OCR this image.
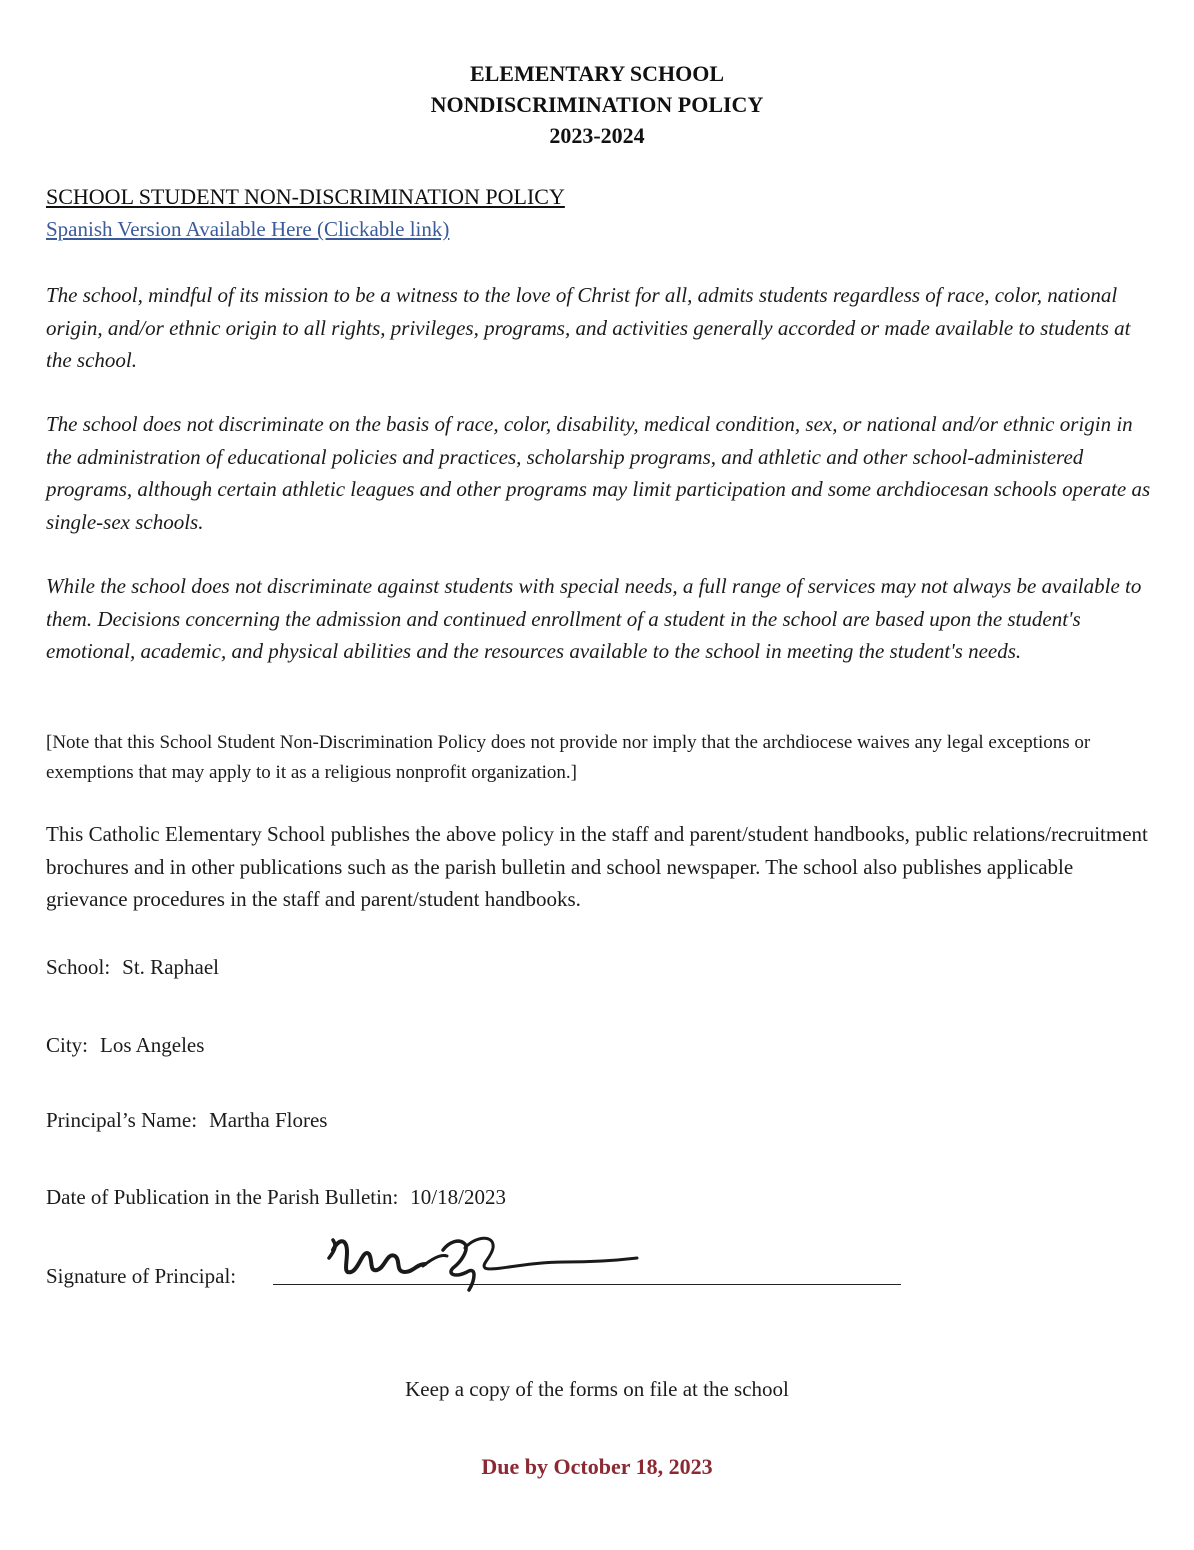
ELEMENTARY SCHOOL
NONDISCRIMINATION POLICY
2023-2024
SCHOOL STUDENT NON-DISCRIMINATION POLICY
Spanish Version Available Here (Clickable link)
The school, mindful of its mission to be a witness to the love of Christ for all, admits students regardless of race, color, national origin, and/or ethnic origin to all rights, privileges, programs, and activities generally accorded or made available to students at the school.
The school does not discriminate on the basis of race, color, disability, medical condition, sex, or national and/or ethnic origin in the administration of educational policies and practices, scholarship programs, and athletic and other school-administered programs, although certain athletic leagues and other programs may limit participation and some archdiocesan schools operate as single-sex schools.
While the school does not discriminate against students with special needs, a full range of services may not always be available to them. Decisions concerning the admission and continued enrollment of a student in the school are based upon the student's emotional, academic, and physical abilities and the resources available to the school in meeting the student's needs.
[Note that this School Student Non-Discrimination Policy does not provide nor imply that the archdiocese waives any legal exceptions or exemptions that may apply to it as a religious nonprofit organization.]
This Catholic Elementary School publishes the above policy in the staff and parent/student handbooks, public relations/recruitment brochures and in other publications such as the parish bulletin and school newspaper. The school also publishes applicable grievance procedures in the staff and parent/student handbooks.
School: St. Raphael
City: Los Angeles
Principal’s Name: Martha Flores
Date of Publication in the Parish Bulletin: 10/18/2023
Signature of Principal:
Keep a copy of the forms on file at the school
Due by October 18, 2023
